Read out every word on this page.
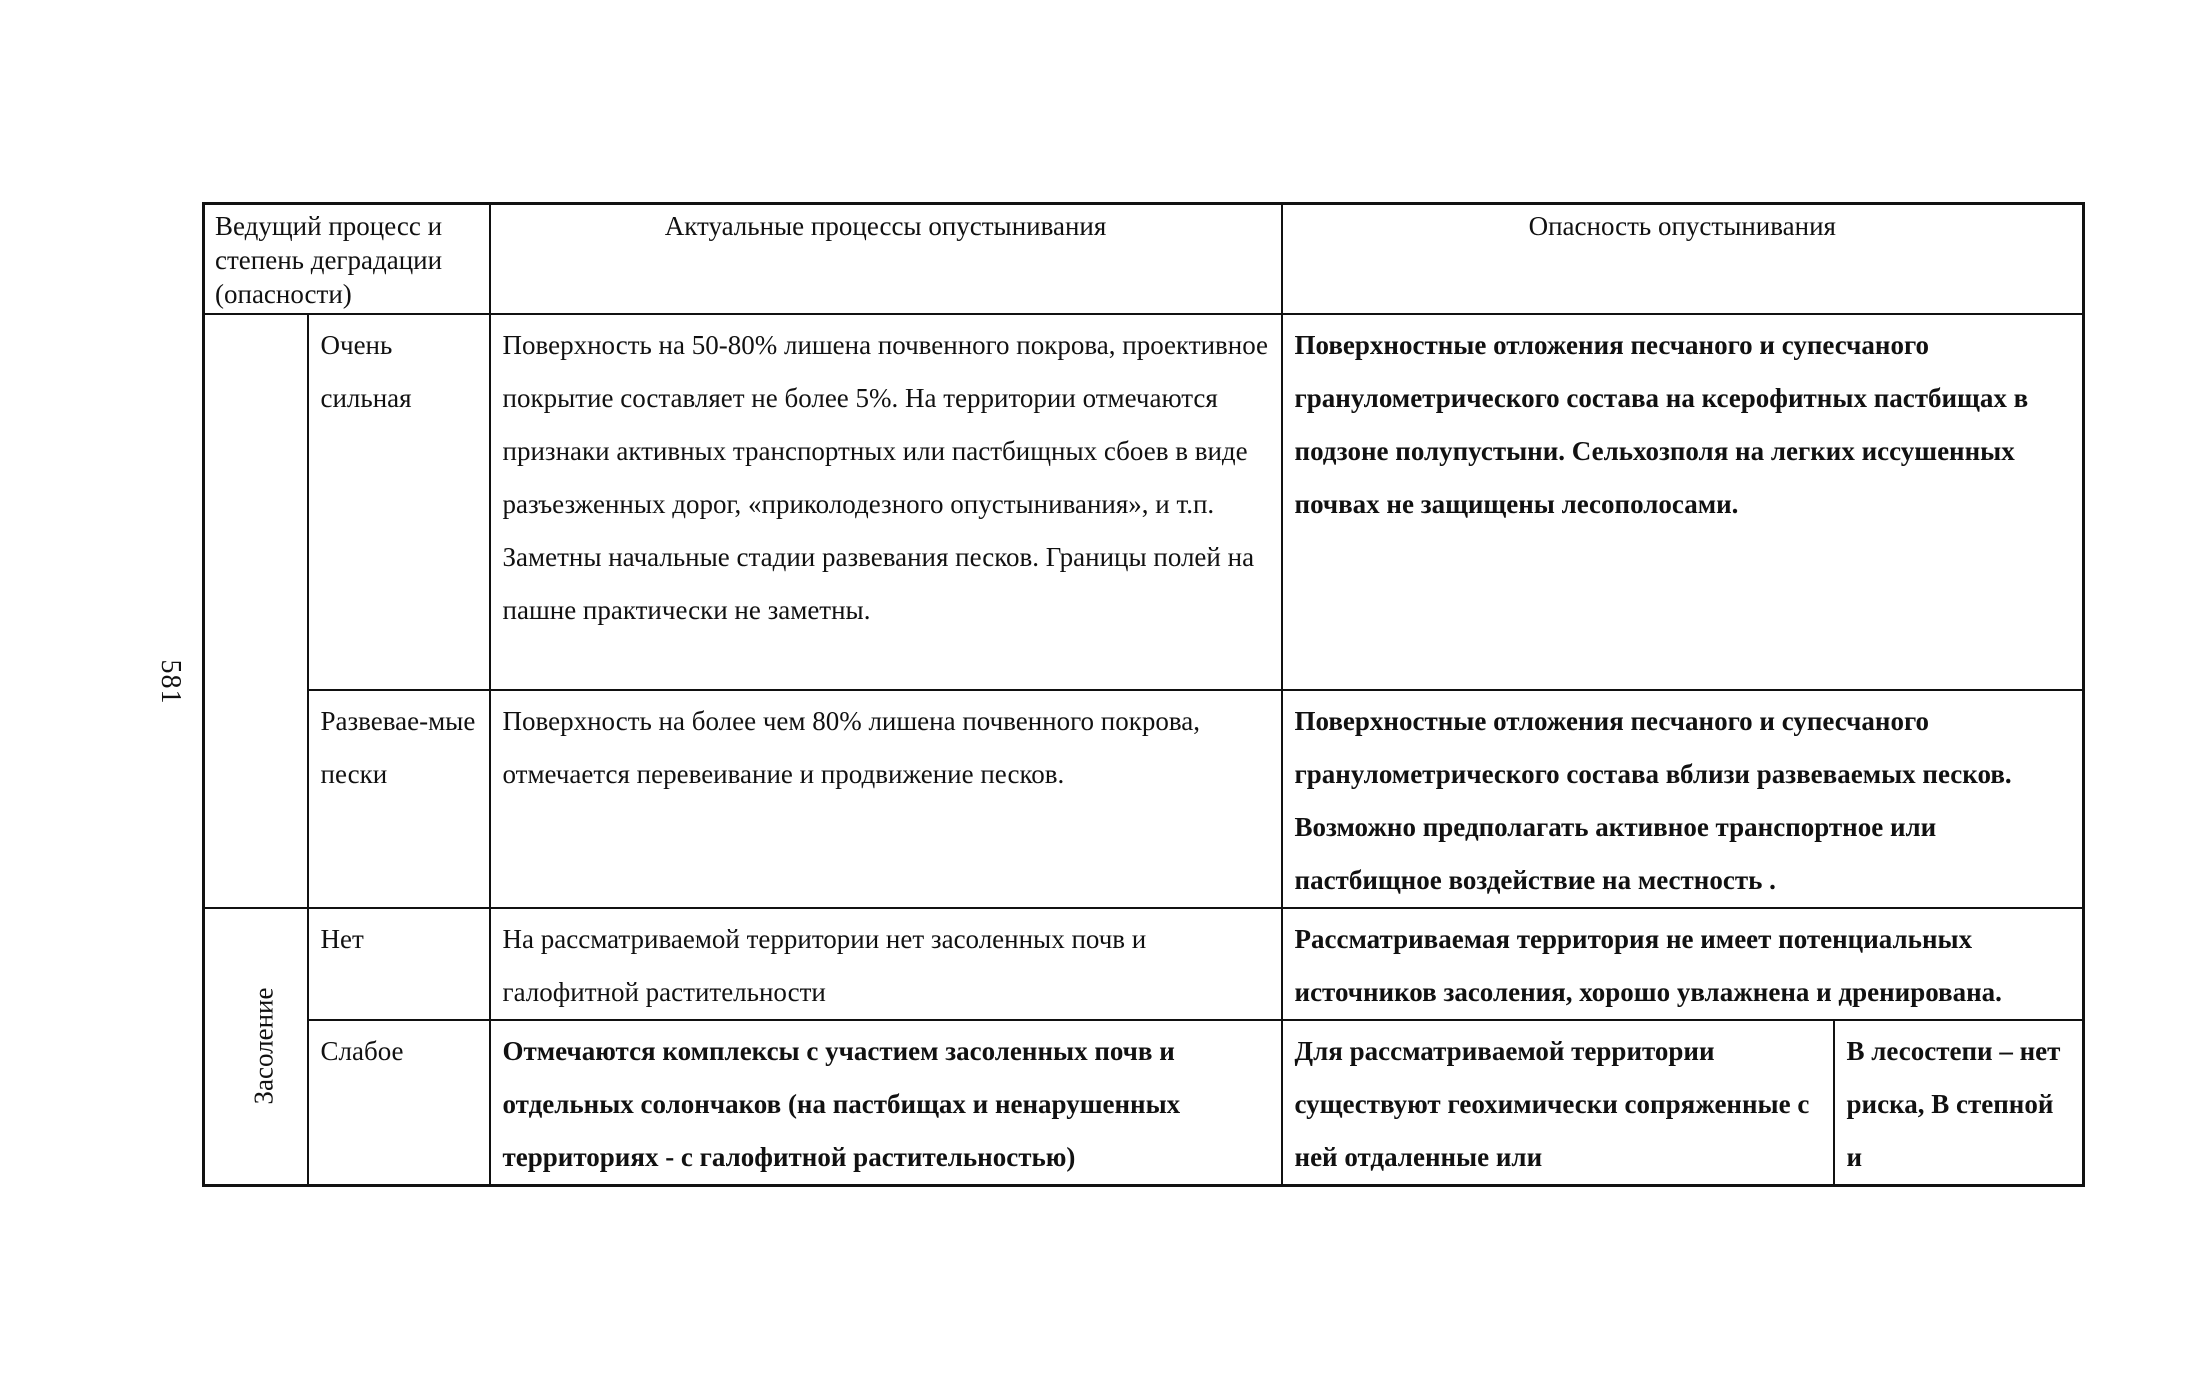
581
Ведущий процесс и степень деградации (опасности)		Актуальные процессы опустынивания	Опасность опустынивания	
	Очень сильная	Поверхность на 50-80% лишена почвенного покрова, проективное покрытие составляет не более 5%. На территории отмечаются признаки активных транспортных или пастбищных сбоев в виде разъезженных дорог, «приколодезного опустынивания», и т.п. Заметны начальные стадии развевания песков. Границы полей на пашне практически не заметны.	Поверхностные отложения песчаного и супесчаного гранулометрического состава на ксерофитных пастбищах в подзоне полупустыни. Сельхозполя на легких иссушенных почвах не защищены лесополосами.	
	Развевае-мые пески	Поверхность на более чем 80% лишена почвенного покрова, отмечается перевеивание и продвижение песков.	Поверхностные отложения песчаного и супесчаного гранулометрического состава вблизи развеваемых песков. Возможно предполагать активное транспортное или пастбищное воздействие на местность .	
Засоление	Нет	На рассматриваемой территории нет засоленных почв и галофитной растительности	Рассматриваемая территория не имеет потенциальных источников засоления, хорошо увлажнена и дренирована.	
	Слабое	Отмечаются комплексы с участием засоленных почв и отдельных солончаков (на пастбищах и ненарушенных территориях - с галофитной растительностью)	Для рассматриваемой территории существуют геохимически сопряженные с ней отдаленные или	В лесостепи – нет риска, В степной и
